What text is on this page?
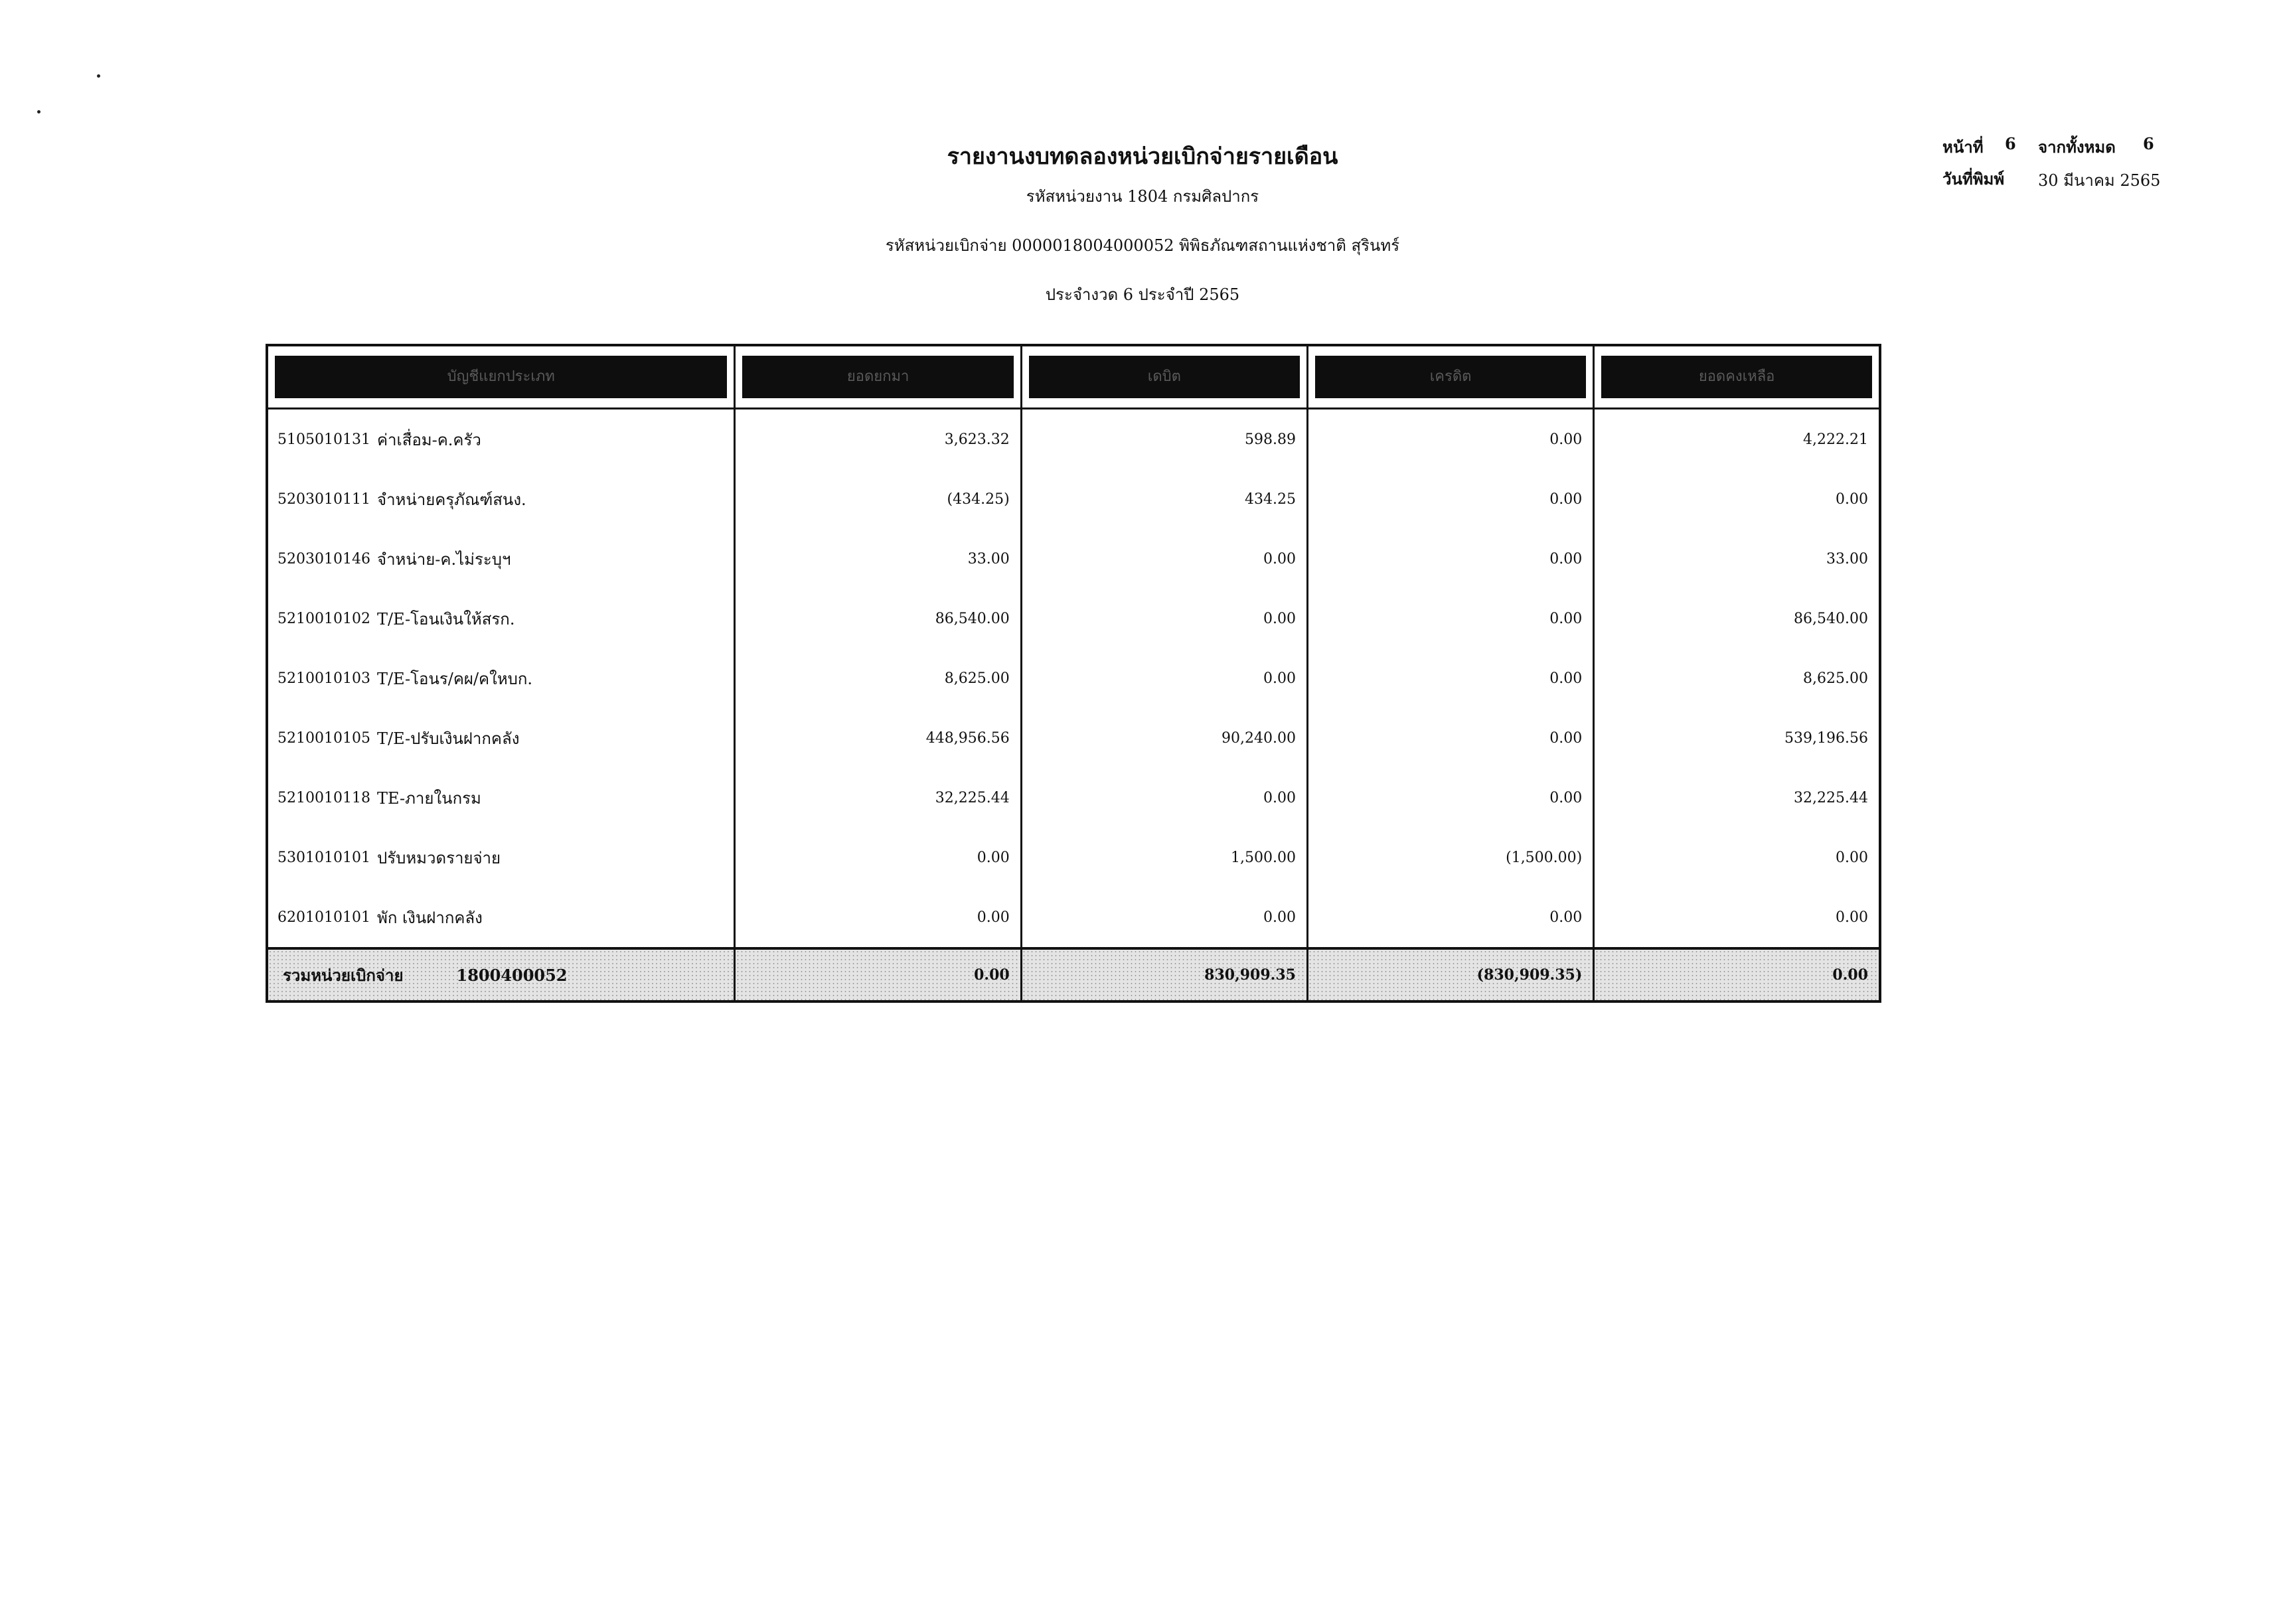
รายงานงบทดลองหน่วยเบิกจ่ายรายเดือน
รหัสหน่วยงาน 1804 กรมศิลปากร
รหัสหน่วยเบิกจ่าย 0000018004000052 พิพิธภัณฑสถานแห่งชาติ สุรินทร์
ประจำงวด 6 ประจำปี 2565
หน้าที่ 6 จากทั้งหมด 6
วันที่พิมพ์ 30 มีนาคม 2565
บัญชีแยกประเภท	ยอดยกมา	เดบิต	เครดิต	ยอดคงเหลือ

5105010131 ค่าเสื่อม-ค.ครัว	3,623.32	598.89	0.00	4,222.21

5203010111 จำหน่ายครุภัณฑ์สนง.	(434.25)	434.25	0.00	0.00

5203010146 จำหน่าย-ค.ไม่ระบุฯ	33.00	0.00	0.00	33.00

5210010102 T/E-โอนเงินให้สรก.	86,540.00	0.00	0.00	86,540.00

5210010103 T/E-โอนร/คผ/คใหบก.	8,625.00	0.00	0.00	8,625.00

5210010105 T/E-ปรับเงินฝากคลัง	448,956.56	90,240.00	0.00	539,196.56

5210010118 TE-ภายในกรม	32,225.44	0.00	0.00	32,225.44

5301010101 ปรับหมวดรายจ่าย	0.00	1,500.00	(1,500.00)	0.00

6201010101 พัก เงินฝากคลัง	0.00	0.00	0.00	0.00

รวมหน่วยเบิกจ่าย 1800400052	0.00	830,909.35	(830,909.35)	0.00
